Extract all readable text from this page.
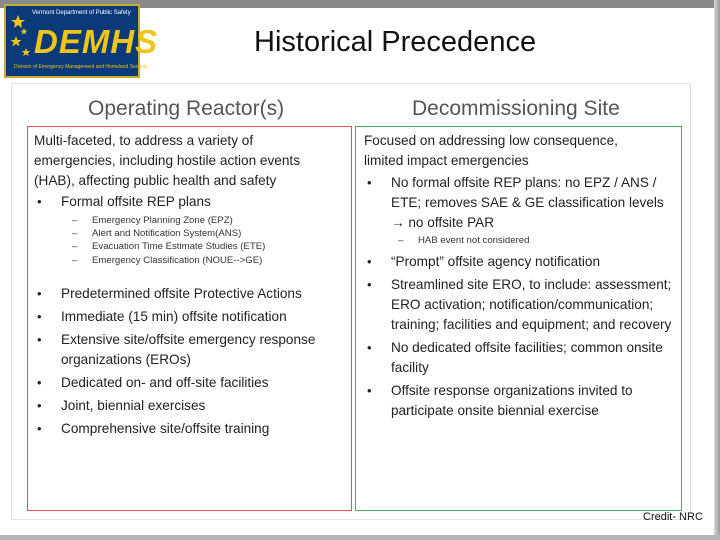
Vermont Department of Public Safety
DEMHS
Division of Emergency Management and Homeland Security
Historical Precedence
Operating Reactor(s)	Decommissioning Site
Multi-faceted, to address a variety of
emergencies, including hostile action events
(HAB), affecting public health and safety
• Formal offsite REP plans
– Emergency Planning Zone (EPZ)
– Alert and Notification System(ANS)
– Evacuation Time Estimate Studies (ETE)
– Emergency Classification (NOUE-->GE)
• Predetermined offsite Protective Actions
• Immediate (15 min) offsite notification
• Extensive site/offsite emergency response organizations (EROs)
• Dedicated on- and off-site facilities
• Joint, biennial exercises
• Comprehensive site/offsite training
Focused on addressing low consequence,
limited impact emergencies
• No formal offsite REP plans: no EPZ / ANS / ETE; removes SAE & GE classification levels
→ no offsite PAR
– HAB event not considered
• “Prompt” offsite agency notification
• Streamlined site ERO, to include: assessment; ERO activation; notification/communication; training; facilities and equipment; and recovery
• No dedicated offsite facilities; common onsite facility
• Offsite response organizations invited to participate onsite biennial exercise
Credit- NRC
